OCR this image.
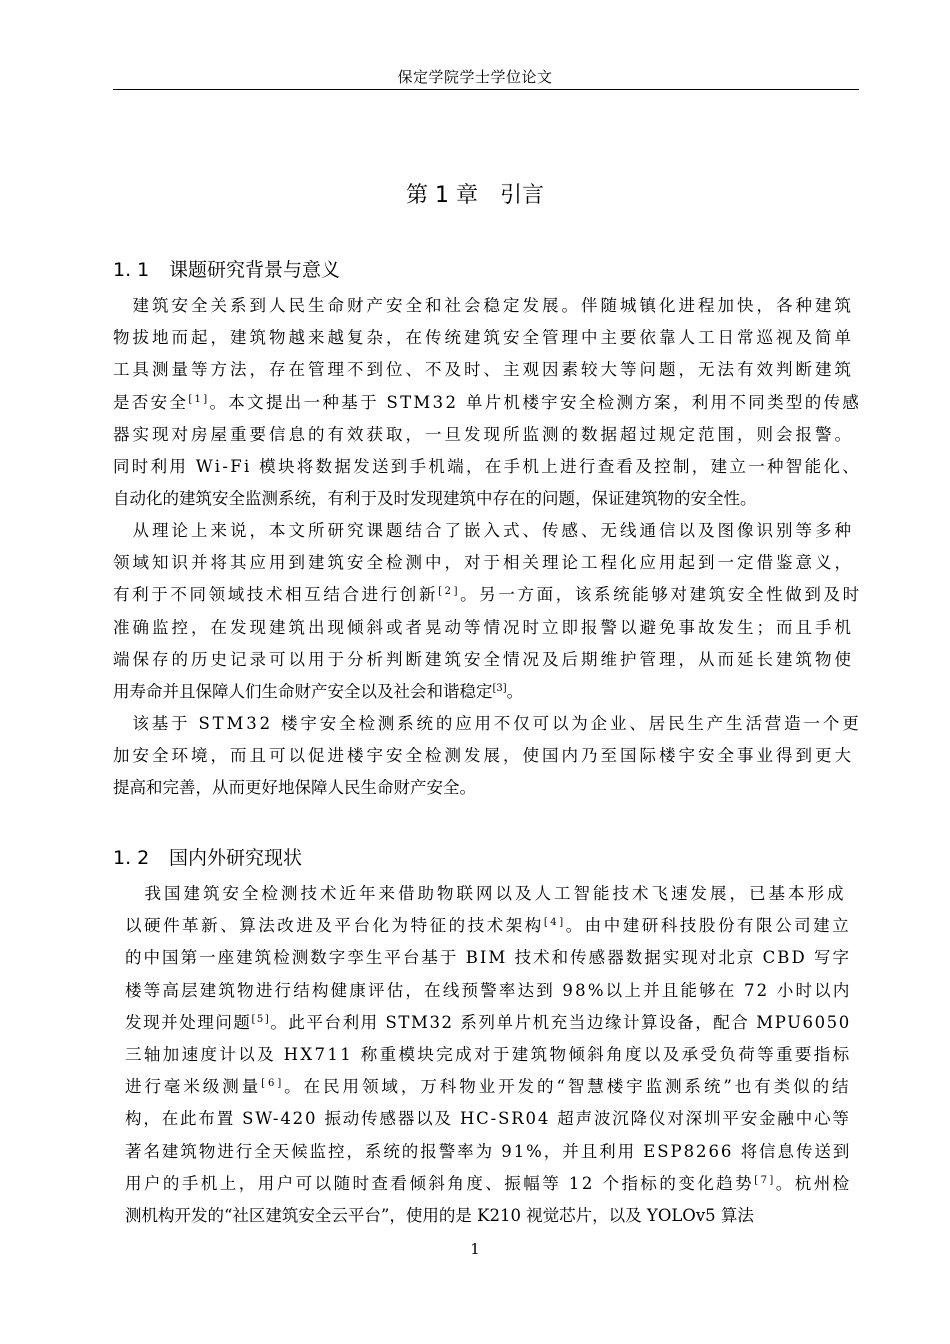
保定学院学士学位论文
第 1 章　引言
1. 1 课题研究背景与意义
　建筑安全关系到人民生命财产安全和社会稳定发展。伴随城镇化进程加快，各种建筑
物拔地而起，建筑物越来越复杂，在传统建筑安全管理中主要依靠人工日常巡视及简单
工具测量等方法，存在管理不到位、不及时、主观因素较大等问题，无法有效判断建筑
是否安全[1]。本文提出一种基于 STM32 单片机楼宇安全检测方案，利用不同类型的传感
器实现对房屋重要信息的有效获取，一旦发现所监测的数据超过规定范围，则会报警。
同时利用 Wi-Fi 模块将数据发送到手机端，在手机上进行查看及控制，建立一种智能化、
自动化的建筑安全监测系统，有利于及时发现建筑中存在的问题，保证建筑物的安全性。
　从理论上来说，本文所研究课题结合了嵌入式、传感、无线通信以及图像识别等多种
领域知识并将其应用到建筑安全检测中，对于相关理论工程化应用起到一定借鉴意义，
有利于不同领域技术相互结合进行创新[2]。另一方面，该系统能够对建筑安全性做到及时
准确监控，在发现建筑出现倾斜或者晃动等情况时立即报警以避免事故发生；而且手机
端保存的历史记录可以用于分析判断建筑安全情况及后期维护管理，从而延长建筑物使
用寿命并且保障人们生命财产安全以及社会和谐稳定[3]。
　该基于 STM32 楼宇安全检测系统的应用不仅可以为企业、居民生产生活营造一个更
加安全环境，而且可以促进楼宇安全检测发展，使国内乃至国际楼宇安全事业得到更大
提高和完善，从而更好地保障人民生命财产安全。
1. 2 国内外研究现状
　我国建筑安全检测技术近年来借助物联网以及人工智能技术飞速发展，已基本形成
以硬件革新、算法改进及平台化为特征的技术架构[4]。由中建研科技股份有限公司建立
的中国第一座建筑检测数字孪生平台基于 BIM 技术和传感器数据实现对北京 CBD 写字
楼等高层建筑物进行结构健康评估，在线预警率达到 98%以上并且能够在 72 小时以内
发现并处理问题[5]。此平台利用 STM32 系列单片机充当边缘计算设备，配合 MPU6050
三轴加速度计以及 HX711 称重模块完成对于建筑物倾斜角度以及承受负荷等重要指标
进行毫米级测量[6]。在民用领域，万科物业开发的“智慧楼宇监测系统”也有类似的结
构，在此布置 SW-420 振动传感器以及 HC-SR04 超声波沉降仪对深圳平安金融中心等
著名建筑物进行全天候监控，系统的报警率为 91%，并且利用 ESP8266 将信息传送到
用户的手机上，用户可以随时查看倾斜角度、振幅等 12 个指标的变化趋势[7]。杭州检
测机构开发的“社区建筑安全云平台”，使用的是 K210 视觉芯片，以及 YOLOv5 算法
1
